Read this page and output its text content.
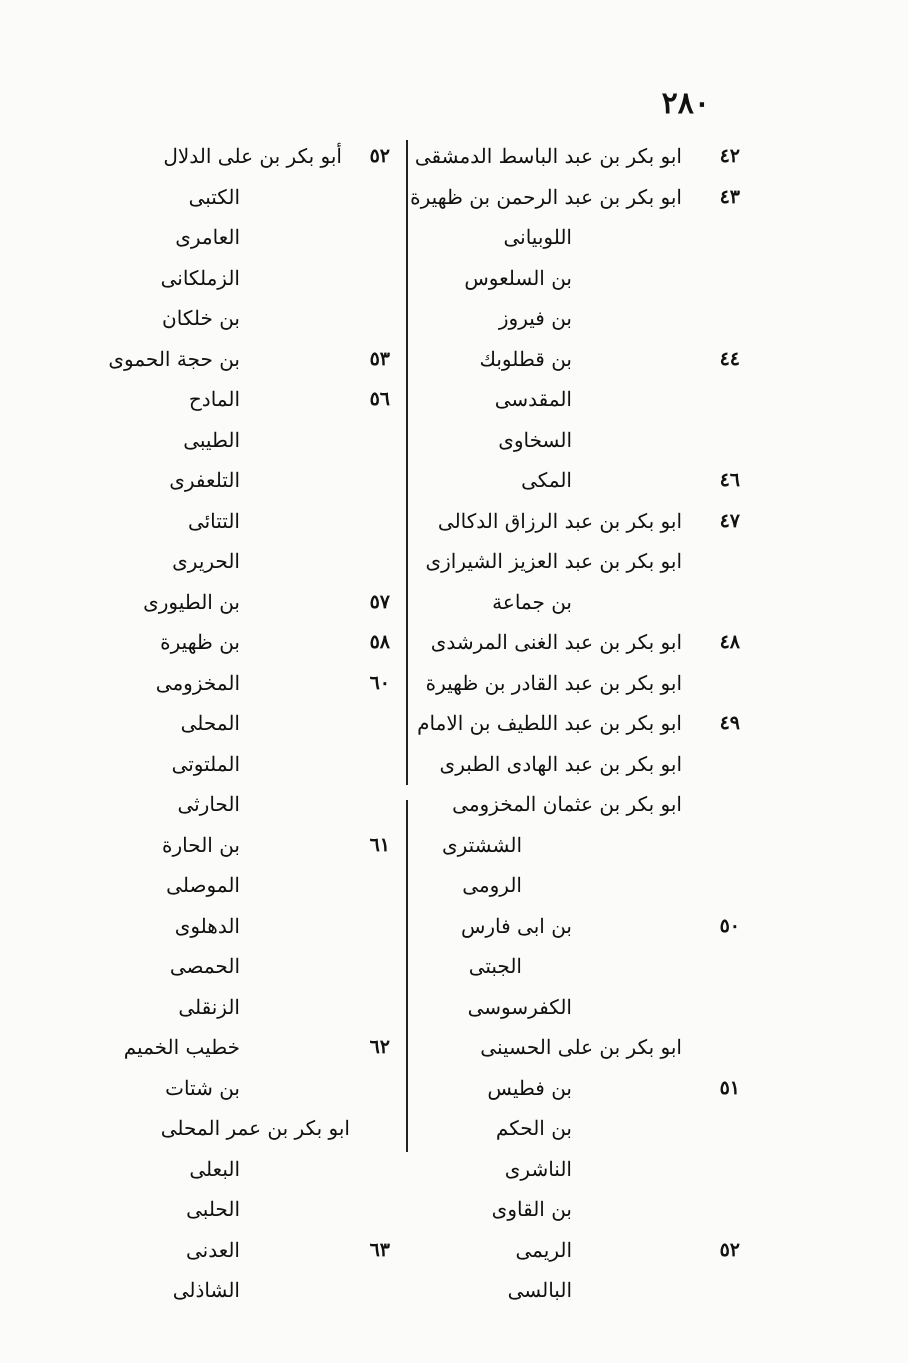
٢٨٠
٤٢
ابو بكر بن عبد الباسط الدمشقى
٤٣
ابو بكر بن عبد الرحمن بن ظهيرة
اللوبيانى
بن السلعوس
بن فيروز
٤٤
بن قطلوبك
المقدسى
السخاوى
٤٦
المكى
٤٧
ابو بكر بن عبد الرزاق الدكالى
ابو بكر بن عبد العزيز الشيرازى
بن جماعة
٤٨
ابو بكر بن عبد الغنى المرشدى
ابو بكر بن عبد القادر بن ظهيرة
٤٩
ابو بكر بن عبد اللطيف بن الامام
ابو بكر بن عبد الهادى الطبرى
ابو بكر بن عثمان المخزومى
الششترى
الرومى
٥٠
بن ابى فارس
الجبتى
الكفرسوسى
ابو بكر بن على الحسينى
٥١
بن فطيس
بن الحكم
الناشرى
بن القاوى
٥٢
الريمى
البالسى
٥٢
أبو بكر بن على الدلال
الكتبى
العامرى
الزملكانى
بن خلكان
٥٣
بن حجة الحموى
٥٦
المادح
الطيبى
التلعفرى
التتائى
الحريرى
٥٧
بن الطيورى
٥٨
بن ظهيرة
٦٠
المخزومى
المحلى
الملتوتى
الحارثى
٦١
بن الحارة
الموصلى
الدهلوى
الحمصى
الزنقلى
٦٢
خطيب الخميم
بن شتات
ابو بكر بن عمر المحلى
البعلى
الحلبى
٦٣
العدنى
الشاذلى
